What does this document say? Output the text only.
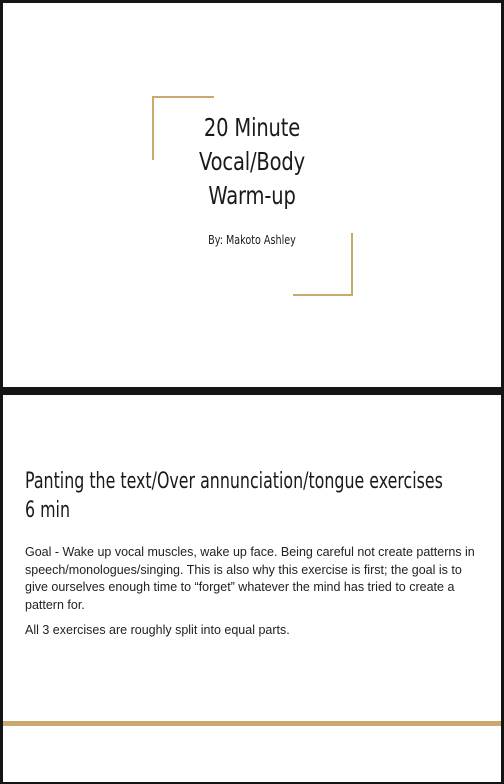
20 Minute
Vocal/Body
Warm-up

By: Makoto Ashley

Panting the text/Over annunciation/tongue exercises
6 min

Goal - Wake up vocal muscles, wake up face. Being careful not create patterns in speech/monologues/singing. This is also why this exercise is first; the goal is to give ourselves enough time to “forget” whatever the mind has tried to create a pattern for.

All 3 exercises are roughly split into equal parts.
